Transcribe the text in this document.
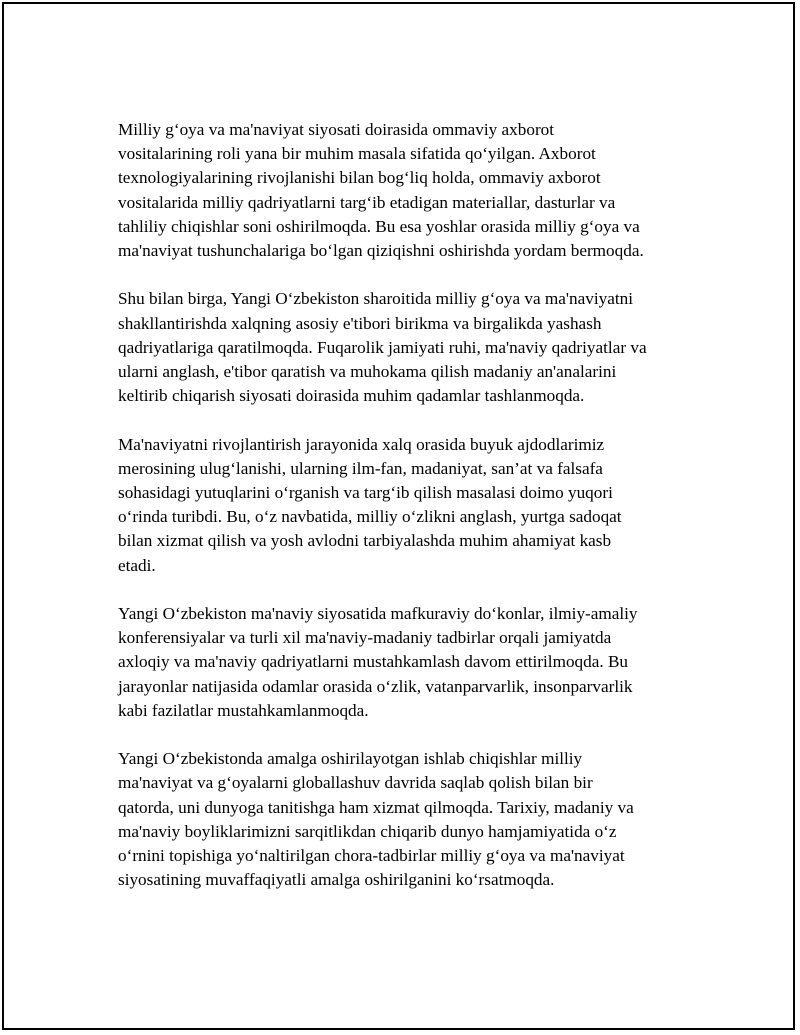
Milliy gʻoya va ma'naviyat siyosati doirasida ommaviy axborot
vositalarining roli yana bir muhim masala sifatida qoʻyilgan. Axborot
texnologiyalarining rivojlanishi bilan bogʻliq holda, ommaviy axborot
vositalarida milliy qadriyatlarni targʻib etadigan materiallar, dasturlar va
tahliliy chiqishlar soni oshirilmoqda. Bu esa yoshlar orasida milliy gʻoya va
ma'naviyat tushunchalariga boʻlgan qiziqishni oshirishda yordam bermoqda.

Shu bilan birga, Yangi Oʻzbekiston sharoitida milliy gʻoya va ma'naviyatni
shakllantirishda xalqning asosiy e'tibori birikma va birgalikda yashash
qadriyatlariga qaratilmoqda. Fuqarolik jamiyati ruhi, ma'naviy qadriyatlar va
ularni anglash, e'tibor qaratish va muhokama qilish madaniy an'analarini
keltirib chiqarish siyosati doirasida muhim qadamlar tashlanmoqda.

Ma'naviyatni rivojlantirish jarayonida xalq orasida buyuk ajdodlarimiz
merosining ulugʻlanishi, ularning ilm-fan, madaniyat, san’at va falsafa
sohasidagi yutuqlarini oʻrganish va targʻib qilish masalasi doimo yuqori
oʻrinda turibdi. Bu, oʻz navbatida, milliy oʻzlikni anglash, yurtga sadoqat
bilan xizmat qilish va yosh avlodni tarbiyalashda muhim ahamiyat kasb
etadi.

Yangi Oʻzbekiston ma'naviy siyosatida mafkuraviy doʻkonlar, ilmiy-amaliy
konferensiyalar va turli xil ma'naviy-madaniy tadbirlar orqali jamiyatda
axloqiy va ma'naviy qadriyatlarni mustahkamlash davom ettirilmoqda. Bu
jarayonlar natijasida odamlar orasida oʻzlik, vatanparvarlik, insonparvarlik
kabi fazilatlar mustahkamlanmoqda.

Yangi Oʻzbekistonda amalga oshirilayotgan ishlab chiqishlar milliy
ma'naviyat va gʻoyalarni globallashuv davrida saqlab qolish bilan bir
qatorda, uni dunyoga tanitishga ham xizmat qilmoqda. Tarixiy, madaniy va
ma'naviy boyliklarimizni sarqitlikdan chiqarib dunyo hamjamiyatida oʻz
oʻrnini topishiga yoʻnaltirilgan chora-tadbirlar milliy gʻoya va ma'naviyat
siyosatining muvaffaqiyatli amalga oshirilganini koʻrsatmoqda.
